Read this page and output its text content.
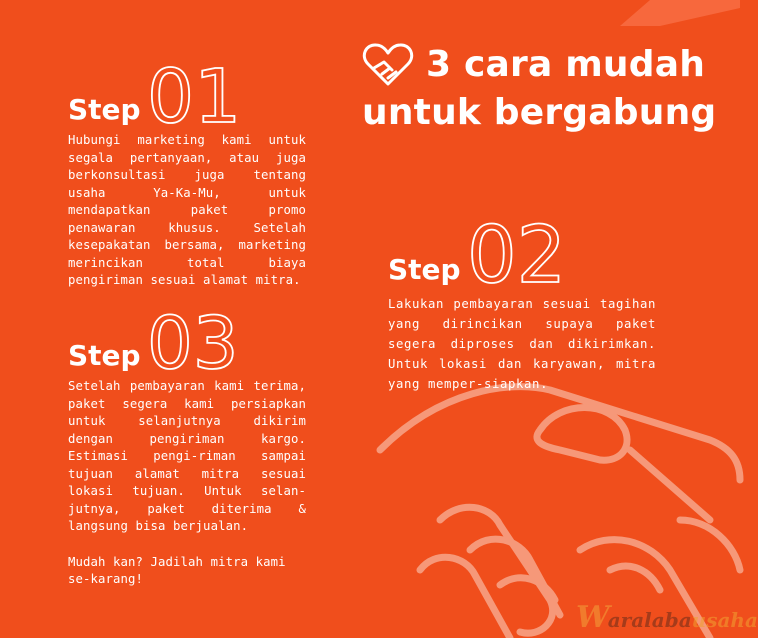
3 cara mudah
untuk bergabung
Step 01

Hubungi marketing kami untuk segala pertanyaan, atau juga berkonsultasi juga tentang usaha Ya-Ka-Mu, untuk mendapatkan paket promo penawaran khusus. Setelah kesepakatan bersama, marketing merincikan total biaya pengiriman sesuai alamat mitra.	Step 02

Lakukan pembayaran sesuai tagihan yang dirincikan supaya paket segera diproses dan dikirimkan. Untuk lokasi dan karyawan, mitra yang memper-siapkan.

Step 03

Setelah pembayaran kami terima, paket segera kami persiapkan untuk selanjutnya dikirim dengan pengiriman kargo. Estimasi pengi-riman sampai tujuan alamat mitra sesuai lokasi tujuan. Untuk selan-jutnya, paket diterima & langsung bisa berjualan.

Mudah kan? Jadilah mitra kami se-karang!

W
aralaba usaha
